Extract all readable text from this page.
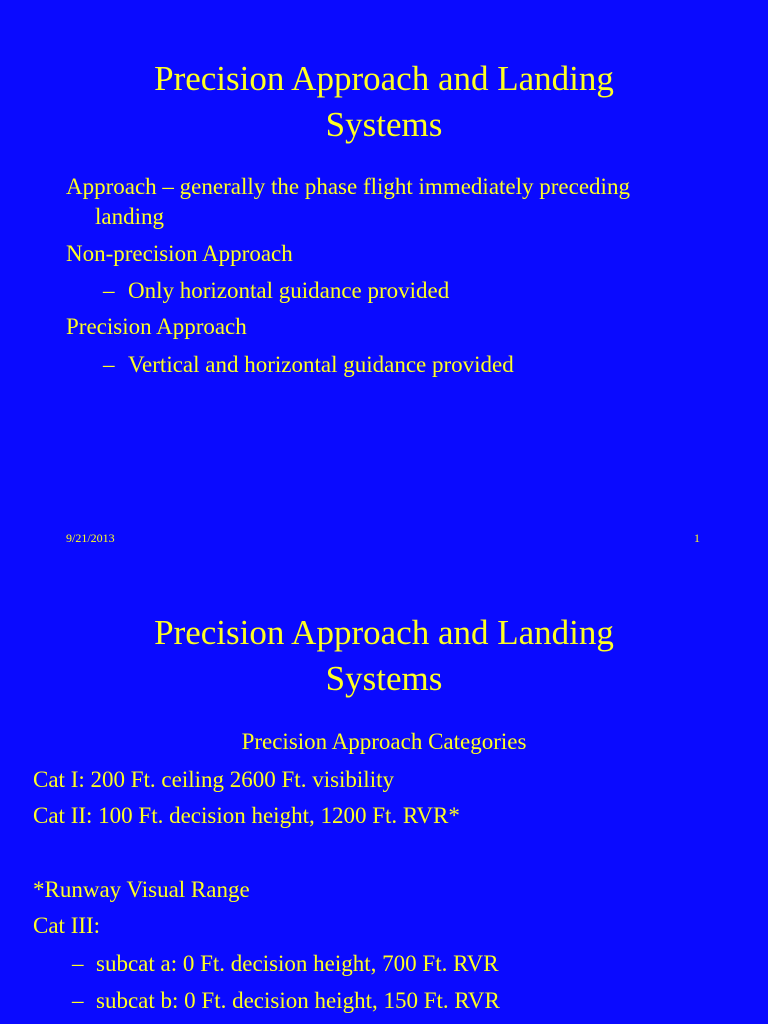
Precision Approach and Landing
Systems
Approach – generally the phase flight immediately preceding
landing
Non-precision Approach
– Only horizontal guidance provided
Precision Approach
– Vertical and horizontal guidance provided
9/21/2013	1
Precision Approach and Landing
Systems
Precision Approach Categories
Cat I: 200 Ft. ceiling 2600 Ft. visibility
Cat II: 100 Ft. decision height, 1200 Ft. RVR*
*Runway Visual Range
Cat III:
– subcat a: 0 Ft. decision height, 700 Ft. RVR
– subcat b: 0 Ft. decision height, 150 Ft. RVR
